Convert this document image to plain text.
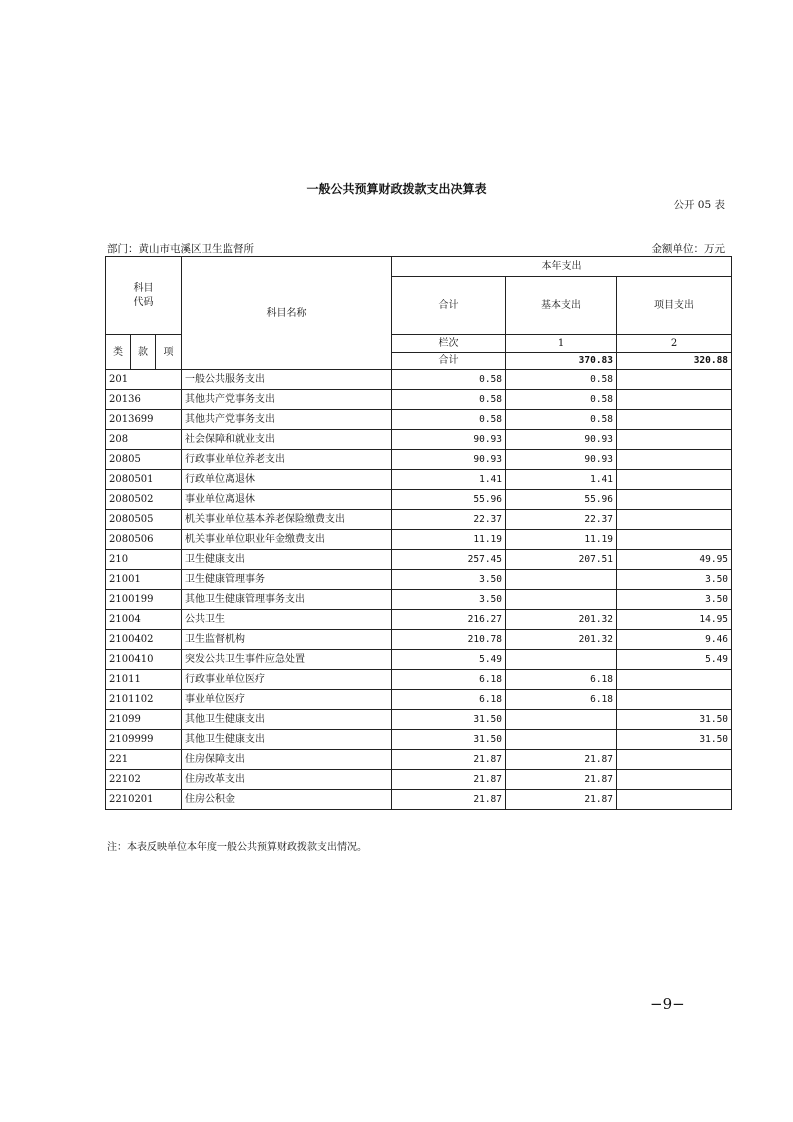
一般公共预算财政拨款支出决算表
公开 05 表
部门：黄山市屯溪区卫生监督所	金额单位：万元
科目
代码			科目名称	本年支出			
				合计	基本支出	项目支出	
类	款	项		栏次	1	2	
				合计	370.83	320.88	
201			一般公共服务支出	0.58	0.58		
20136			其他共产党事务支出	0.58	0.58		
2013699			其他共产党事务支出	0.58	0.58		
208			社会保障和就业支出	90.93	90.93		
20805			行政事业单位养老支出	90.93	90.93		
2080501			行政单位离退休	1.41	1.41		
2080502			事业单位离退休	55.96	55.96		
2080505			机关事业单位基本养老保险缴费支出	22.37	22.37		
2080506			机关事业单位职业年金缴费支出	11.19	11.19		
210			卫生健康支出	257.45	207.51	49.95	
21001			卫生健康管理事务	3.50		3.50	
2100199			其他卫生健康管理事务支出	3.50		3.50	
21004			公共卫生	216.27	201.32	14.95	
2100402			卫生监督机构	210.78	201.32	9.46	
2100410			突发公共卫生事件应急处置	5.49		5.49	
21011			行政事业单位医疗	6.18	6.18		
2101102			事业单位医疗	6.18	6.18		
21099			其他卫生健康支出	31.50		31.50	
2109999			其他卫生健康支出	31.50		31.50	
221			住房保障支出	21.87	21.87		
22102			住房改革支出	21.87	21.87		
2210201			住房公积金	21.87	21.87		
注：本表反映单位本年度一般公共预算财政拨款支出情况。
−9−
